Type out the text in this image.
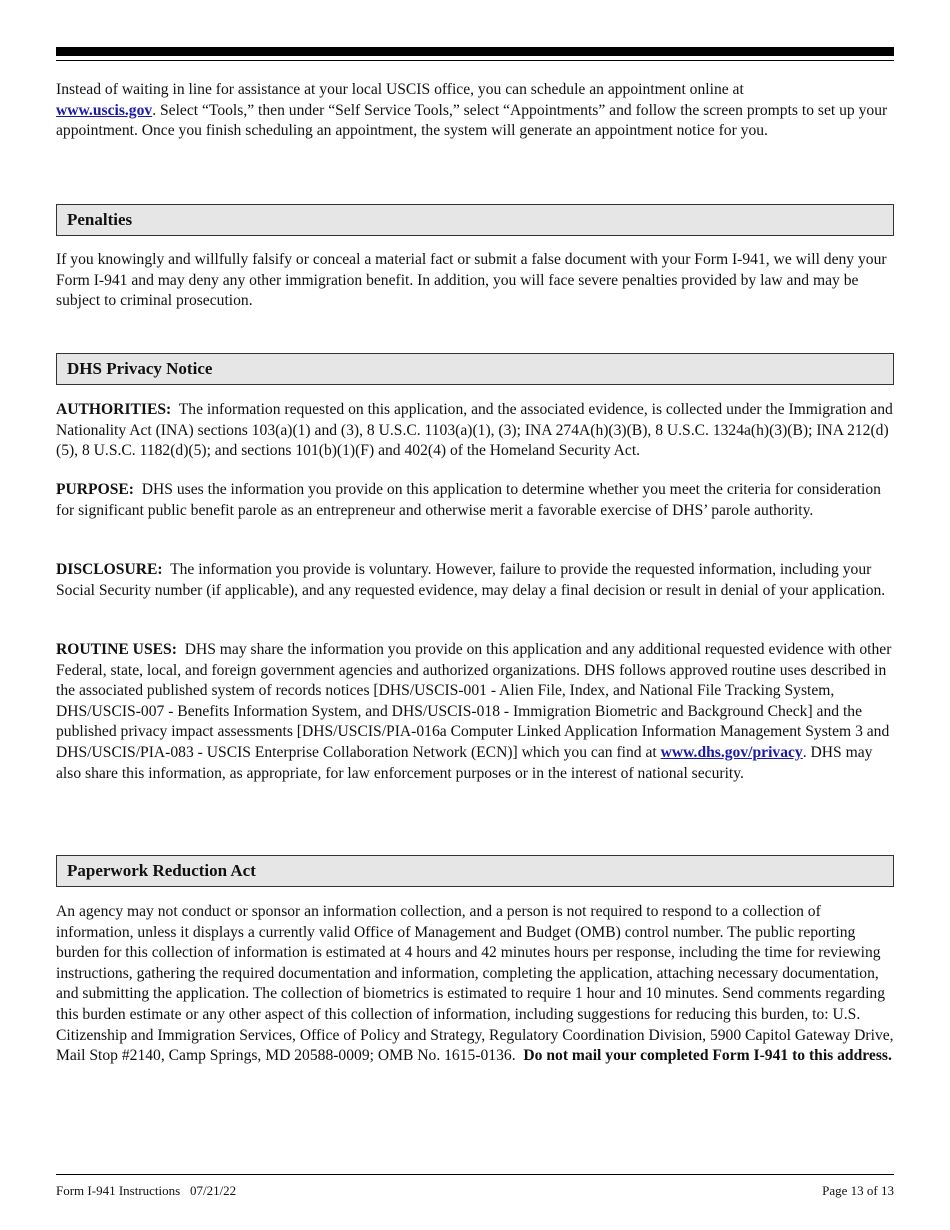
Instead of waiting in line for assistance at your local USCIS office, you can schedule an appointment online at
www.uscis.gov. Select “Tools,” then under “Self Service Tools,” select “Appointments” and follow the screen prompts to set up your appointment. Once you finish scheduling an appointment, the system will generate an appointment notice for you.

Penalties

If you knowingly and willfully falsify or conceal a material fact or submit a false document with your Form I-941, we will deny your Form I-941 and may deny any other immigration benefit. In addition, you will face severe penalties provided by law and may be subject to criminal prosecution.

DHS Privacy Notice

AUTHORITIES: The information requested on this application, and the associated evidence, is collected under the Immigration and Nationality Act (INA) sections 103(a)(1) and (3), 8 U.S.C. 1103(a)(1), (3); INA 274A(h)(3)(B), 8 U.S.C. 1324a(h)(3)(B); INA 212(d)(5), 8 U.S.C. 1182(d)(5); and sections 101(b)(1)(F) and 402(4) of the Homeland Security Act.

PURPOSE: DHS uses the information you provide on this application to determine whether you meet the criteria for consideration for significant public benefit parole as an entrepreneur and otherwise merit a favorable exercise of DHS’ parole authority.

DISCLOSURE: The information you provide is voluntary. However, failure to provide the requested information, including your Social Security number (if applicable), and any requested evidence, may delay a final decision or result in denial of your application.

ROUTINE USES: DHS may share the information you provide on this application and any additional requested evidence with other Federal, state, local, and foreign government agencies and authorized organizations. DHS follows approved routine uses described in the associated published system of records notices [DHS/USCIS-001 - Alien File, Index, and National File Tracking System, DHS/USCIS-007 - Benefits Information System, and DHS/USCIS-018 - Immigration Biometric and Background Check] and the published privacy impact assessments [DHS/USCIS/PIA-016a Computer Linked Application Information Management System 3 and DHS/USCIS/PIA-083 - USCIS Enterprise Collaboration Network (ECN)] which you can find at www.dhs.gov/privacy. DHS may also share this information, as appropriate, for law enforcement purposes or in the interest of national security.

Paperwork Reduction Act

An agency may not conduct or sponsor an information collection, and a person is not required to respond to a collection of information, unless it displays a currently valid Office of Management and Budget (OMB) control number. The public reporting burden for this collection of information is estimated at 4 hours and 42 minutes hours per response, including the time for reviewing instructions, gathering the required documentation and information, completing the application, attaching necessary documentation, and submitting the application. The collection of biometrics is estimated to require 1 hour and 10 minutes. Send comments regarding this burden estimate or any other aspect of this collection of information, including suggestions for reducing this burden, to: U.S. Citizenship and Immigration Services, Office of Policy and Strategy, Regulatory Coordination Division, 5900 Capitol Gateway Drive, Mail Stop #2140, Camp Springs, MD 20588-0009; OMB No. 1615-0136. Do not mail your completed Form I-941 to this address.

Form I-941 Instructions   07/21/22	Page 13 of 13
